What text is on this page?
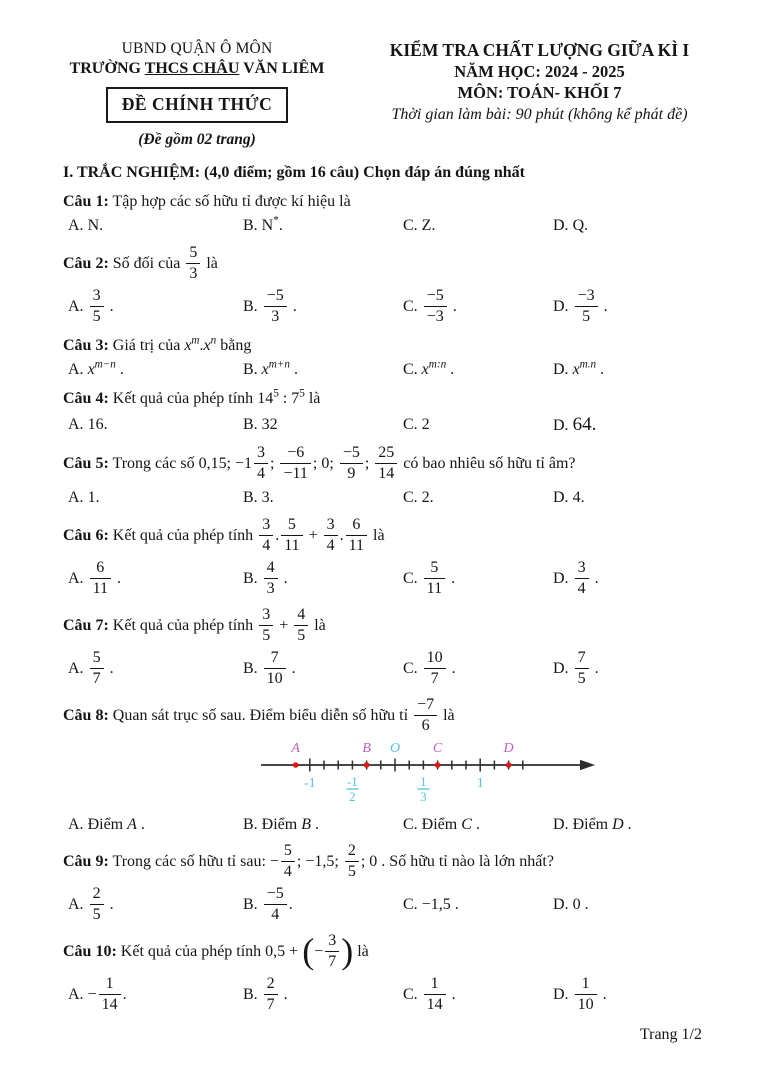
UBND QUẬN Ô MÔN
TRƯỜNG THCS CHÂU VĂN LIÊM
ĐỀ CHÍNH THỨC
(Đề gồm 02 trang)
KIỂM TRA CHẤT LƯỢNG GIỮA KÌ I
NĂM HỌC: 2024 - 2025
MÔN: TOÁN- KHỐI 7
Thời gian làm bài: 90 phút (không kể phát đề)
I. TRẮC NGHIỆM: (4,0 điểm; gồm 16 câu) Chọn đáp án đúng nhất
Câu 1: Tập hợp các số hữu tỉ được kí hiệu là
A. N.	B. N*.	C. Z.	D. Q.
Câu 2: Số đối của $\frac{5}{3}$ là
A. $\frac{3}{5}$ .	B. $\frac{-5}{3}$ .	C. $\frac{-5}{-3}$ .	D. $\frac{-3}{5}$ .
Câu 3: Giá trị của $x^m.x^n$ bằng
A. $x^{m-n}$ .	B. $x^{m+n}$ .	C. $x^{m:n}$ .	D. $x^{m.n}$ .
Câu 4: Kết quả của phép tính $14^5$ : $7^5$ là
A. 16.	B. 32	C. 2	D. 64.
Câu 5: Trong các số 0,15; $-1 \frac{3}{4}$ ; $\frac{-6}{-11}$ ; 0; $\frac{-5}{9}$ ; $\frac{25}{14}$ có bao nhiêu số hữu tỉ âm?
A. 1.	B. 3.	C. 2.	D. 4.
Câu 6: Kết quả của phép tính $\frac{3}{4}$ . $\frac{5}{11} + \frac{3}{4}$ . $\frac{6}{11}$ là
A. $\frac{6}{11}$ .	B. $\frac{4}{3}$ .	C. $\frac{5}{11}$ .	D. $\frac{3}{4}$ .
Câu 7: Kết quả của phép tính $\frac{3}{5} + \frac{4}{5}$ là
A. $\frac{5}{7}$ .	B. $\frac{7}{10}$ .	C. $\frac{10}{7}$ .	D. $\frac{7}{5}$ .
Câu 8: Quan sát trục số sau. Điểm biểu diễn số hữu tỉ $\frac{-7}{6}$ là
O
A	B	C	D
-1 -1
2
1
3
1
A. Điểm A .	B. Điểm B .	C. Điểm C .	D. Điểm D .
Câu 9: Trong các số hữu tỉ sau: − $\frac{5}{4}$ ; −1,5; $\frac{2}{5}$ ; 0 . Số hữu tỉ nào là lớn nhất?
A. $\frac{2}{5}$ .	B. $\frac{-5}{4}$ .	C. −1,5 .	D. 0 .
Câu 10: Kết quả của phép tính 0,5 + (− $\frac{3}{7}$ ) là
A. − $\frac{1}{14}$ .	B. $\frac{2}{7}$ .	C. $\frac{1}{14}$ .	D. $\frac{1}{10}$ .
Trang 1/2
